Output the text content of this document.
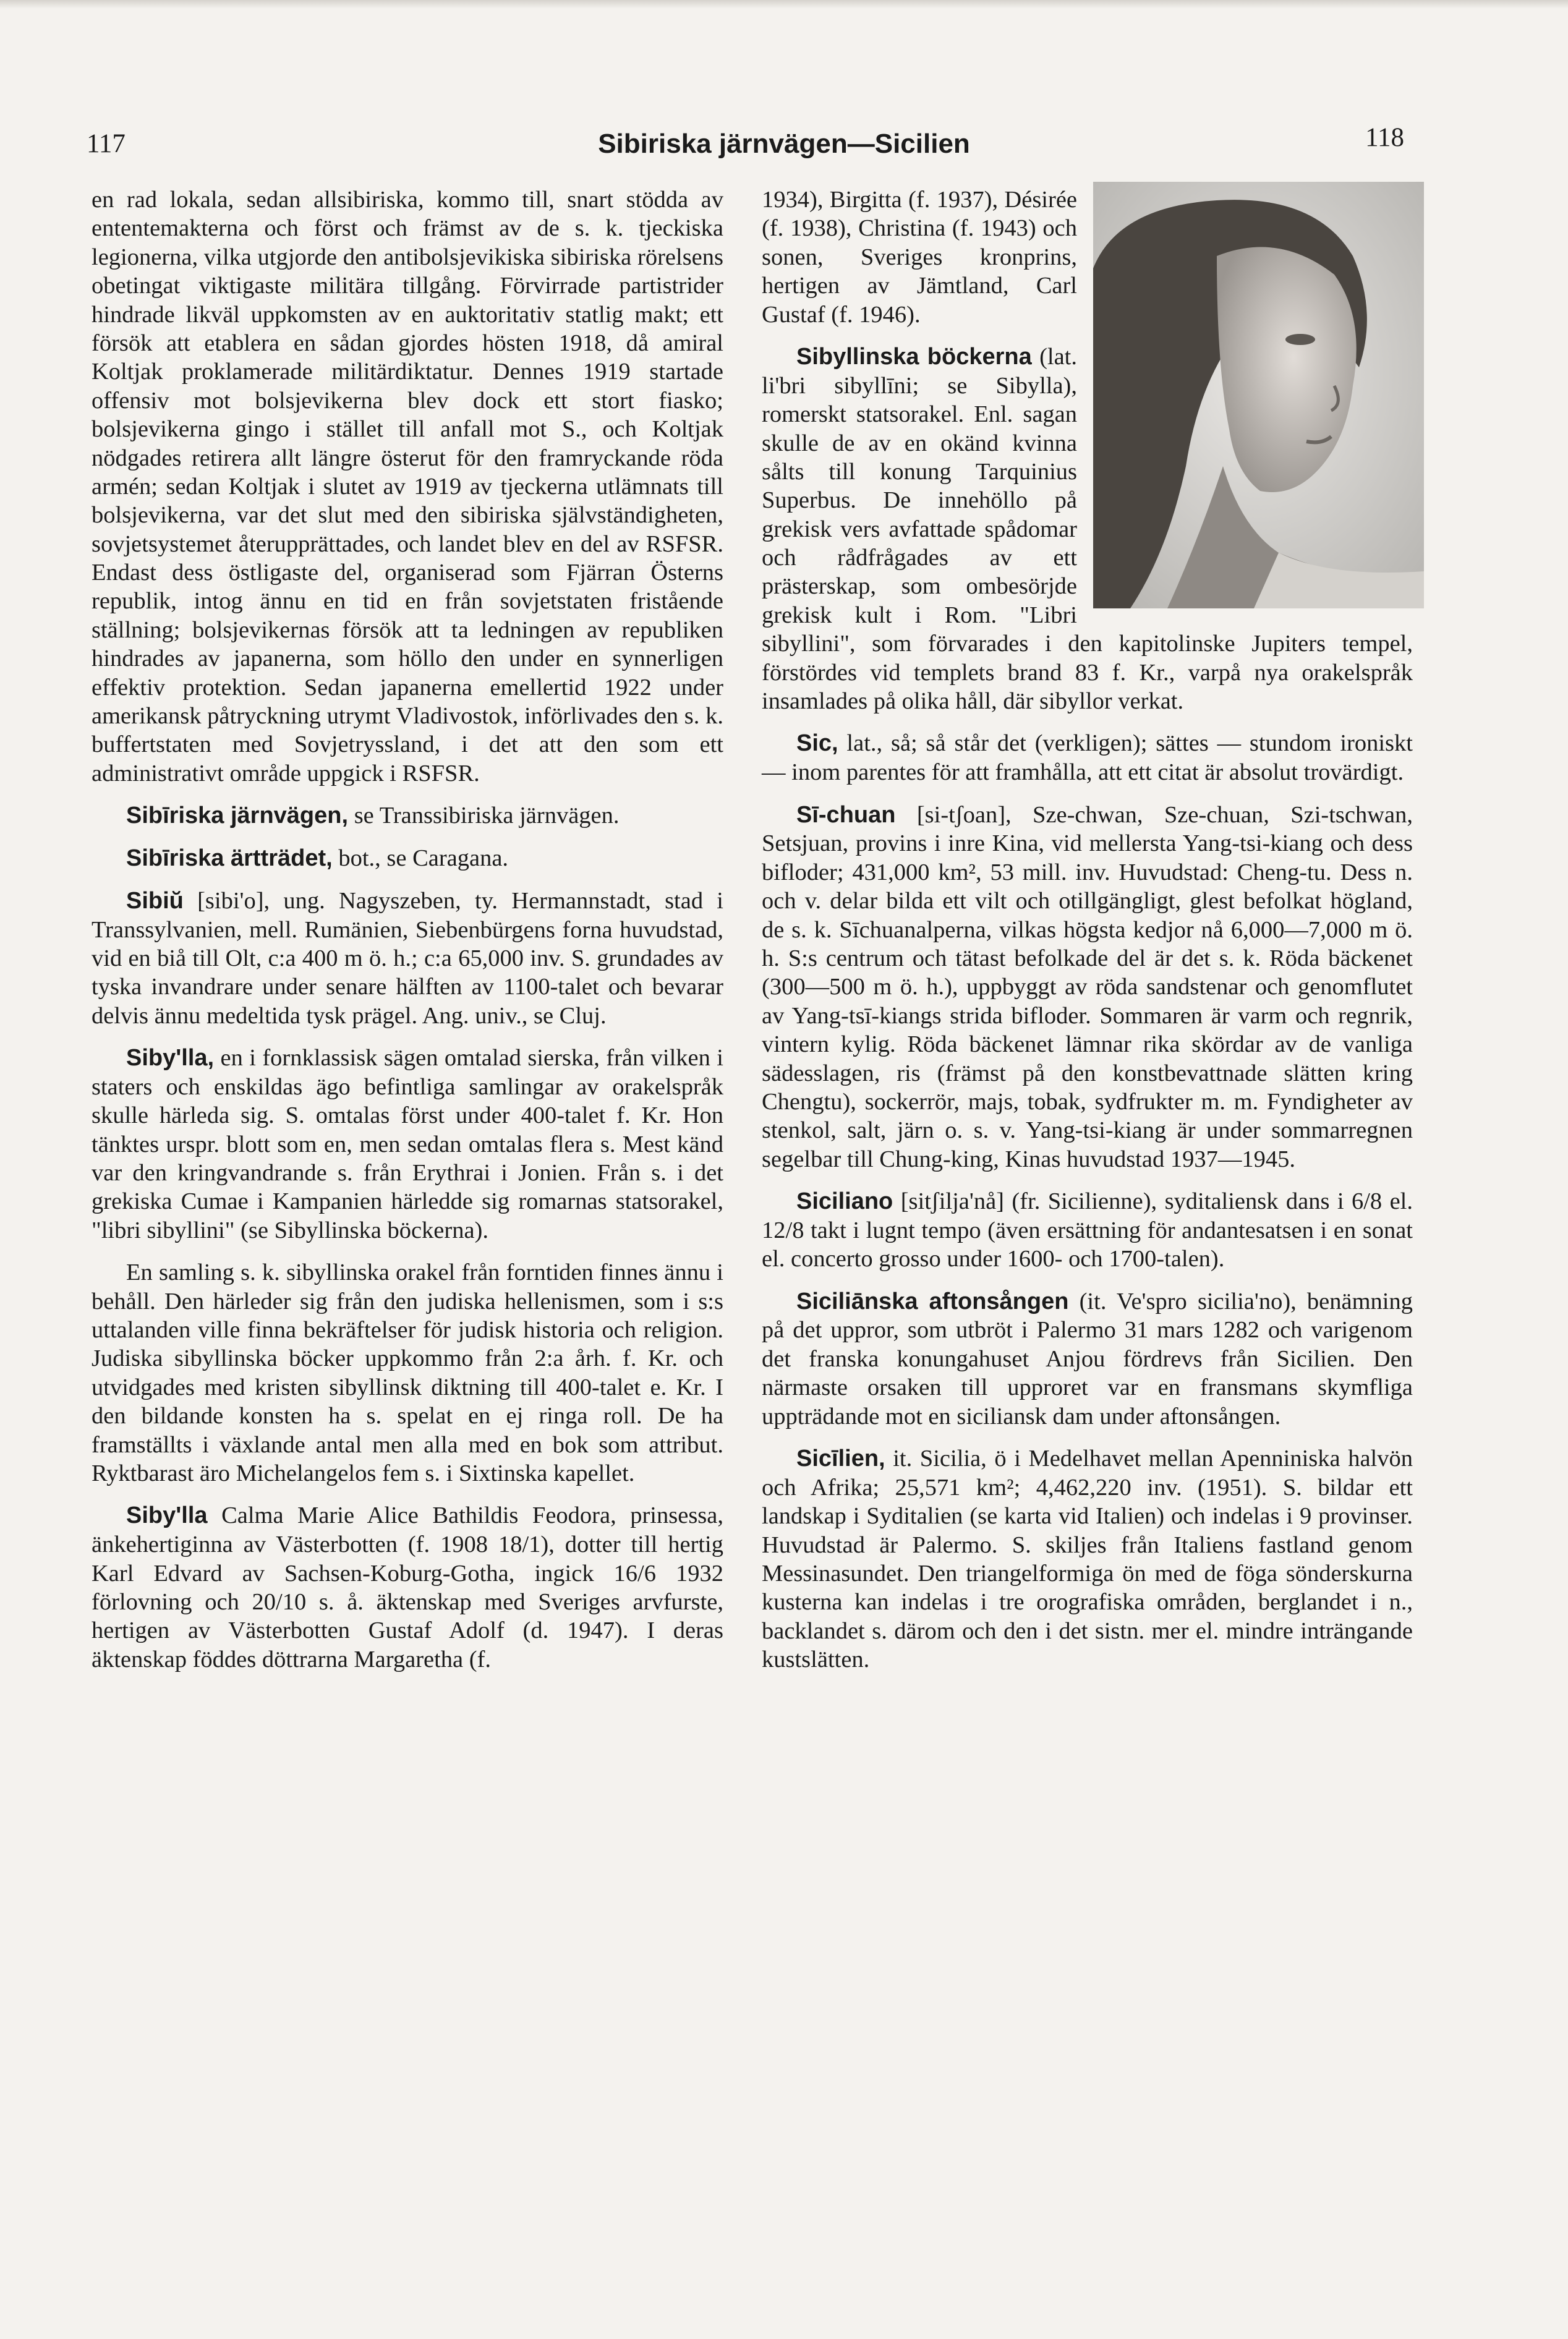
117	Sibiriska järnvägen—Sicilien	118

en rad lokala, sedan allsibiriska, kommo till, snart stödda av ententemakterna och först och främst av de s. k. tjeckiska legionerna, vilka utgjorde den antibolsjevikiska sibiriska rörelsens obetingat viktigaste militära tillgång. Förvirrade partistrider hindrade likväl uppkomsten av en auktoritativ statlig makt; ett försök att etablera en sådan gjordes hösten 1918, då amiral Koltjak proklamerade militärdiktatur. Dennes 1919 startade offensiv mot bolsjevikerna blev dock ett stort fiasko; bolsjevikerna gingo i stället till anfall mot S., och Koltjak nödgades retirera allt längre österut för den framryckande röda armén; sedan Koltjak i slutet av 1919 av tjeckerna utlämnats till bolsjevikerna, var det slut med den sibiriska självständigheten, sovjetsystemet återupprättades, och landet blev en del av RSFSR. Endast dess östligaste del, organiserad som Fjärran Österns republik, intog ännu en tid en från sovjetstaten fristående ställning; bolsjevikernas försök att ta ledningen av republiken hindrades av japanerna, som höllo den under en synnerligen effektiv protektion. Sedan japanerna emellertid 1922 under amerikansk påtryckning utrymt Vladivostok, införlivades den s. k. buffertstaten med Sovjetryssland, i det att den som ett administrativt område uppgick i RSFSR.

Sibīriska järnvägen, se Transsibiriska järnvägen.

Sibīriska ärtträdet, bot., se Caragana.

Sibiŭ [sibi'o], ung. Nagyszeben, ty. Hermannstadt, stad i Transsylvanien, mell. Rumänien, Siebenbürgens forna huvudstad, vid en biå till Olt, c:a 400 m ö. h.; c:a 65,000 inv. S. grundades av tyska invandrare under senare hälften av 1100-talet och bevarar delvis ännu medeltida tysk prägel. Ang. univ., se Cluj.

Siby'lla, en i fornklassisk sägen omtalad sierska, från vilken i staters och enskildas ägo befintliga samlingar av orakelspråk skulle härleda sig. S. omtalas först under 400-talet f. Kr. Hon tänktes urspr. blott som en, men sedan omtalas flera s. Mest känd var den kringvandrande s. från Erythrai i Jonien. Från s. i det grekiska Cumae i Kampanien härledde sig romarnas statsorakel, "libri sibyllini" (se Sibyllinska böckerna).

En samling s. k. sibyllinska orakel från forntiden finnes ännu i behåll. Den härleder sig från den judiska hellenismen, som i s:s uttalanden ville finna bekräftelser för judisk historia och religion. Judiska sibyllinska böcker uppkommo från 2:a årh. f. Kr. och utvidgades med kristen sibyllinsk diktning till 400-talet e. Kr. I den bildande konsten ha s. spelat en ej ringa roll. De ha framställts i växlande antal men alla med en bok som attribut. Ryktbarast äro Michelangelos fem s. i Sixtinska kapellet.

Siby'lla Calma Marie Alice Bathildis Feodora, prinsessa, änkehertiginna av Västerbotten (f. 1908 18/1), dotter till hertig Karl Edvard av Sachsen-Koburg-Gotha, ingick 16/6 1932 förlovning och 20/10 s. å. äktenskap med Sveriges arvfurste, hertigen av Västerbotten Gustaf Adolf (d. 1947). I deras äktenskap föddes döttrarna Margaretha (f.

1934), Birgitta (f. 1937), Désirée (f. 1938), Christina (f. 1943) och sonen, Sveriges kronprins, hertigen av Jämtland, Carl Gustaf (f. 1946).

Sibyllinska böckerna (lat. li'bri sibyllīni; se Sibylla), romerskt statsorakel. Enl. sagan skulle de av en okänd kvinna sålts till konung Tarquinius Superbus. De innehöllo på grekisk vers avfattade spådomar och rådfrågades av ett prästerskap, som ombesörjde grekisk kult i Rom. "Libri sibyllini", som förvarades i den kapitolinske Jupiters tempel, förstördes vid templets brand 83 f. Kr., varpå nya orakelspråk insamlades på olika håll, där sibyllor verkat.

Sic, lat., så; så står det (verkligen); sättes — stundom ironiskt — inom parentes för att framhålla, att ett citat är absolut trovärdigt.

Sī-chuan [si-tʃoan], Sze-chwan, Sze-chuan, Szi-tschwan, Setsjuan, provins i inre Kina, vid mellersta Yang-tsi-kiang och dess bifloder; 431,000 km², 53 mill. inv. Huvudstad: Cheng-tu. Dess n. och v. delar bilda ett vilt och otillgängligt, glest befolkat högland, de s. k. Sīchuanalperna, vilkas högsta kedjor nå 6,000—7,000 m ö. h. S:s centrum och tätast befolkade del är det s. k. Röda bäckenet (300—500 m ö. h.), uppbyggt av röda sandstenar och genomflutet av Yang-tsī-kiangs strida bifloder. Sommaren är varm och regnrik, vintern kylig. Röda bäckenet lämnar rika skördar av de vanliga sädesslagen, ris (främst på den konstbevattnade slätten kring Chengtu), sockerrör, majs, tobak, sydfrukter m. m. Fyndigheter av stenkol, salt, järn o. s. v. Yang-tsi-kiang är under sommarregnen segelbar till Chung-king, Kinas huvudstad 1937—1945.

Siciliano [sitʃilja'nå] (fr. Sicilienne), syditaliensk dans i 6/8 el. 12/8 takt i lugnt tempo (även ersättning för andantesatsen i en sonat el. concerto grosso under 1600- och 1700-talen).

Siciliānska aftonsången (it. Ve'spro sicilia'no), benämning på det uppror, som utbröt i Palermo 31 mars 1282 och varigenom det franska konungahuset Anjou fördrevs från Sicilien. Den närmaste orsaken till upproret var en fransmans skymfliga uppträdande mot en siciliansk dam under aftonsången.

Sicīlien, it. Sicilia, ö i Medelhavet mellan Apenniniska halvön och Afrika; 25,571 km²; 4,462,220 inv. (1951). S. bildar ett landskap i Syditalien (se karta vid Italien) och indelas i 9 provinser. Huvudstad är Palermo. S. skiljes från Italiens fastland genom Messinasundet. Den triangelformiga ön med de föga sönderskurna kusterna kan indelas i tre orografiska områden, berglandet i n., backlandet s. därom och den i det sistn. mer el. mindre inträngande kustslätten.
